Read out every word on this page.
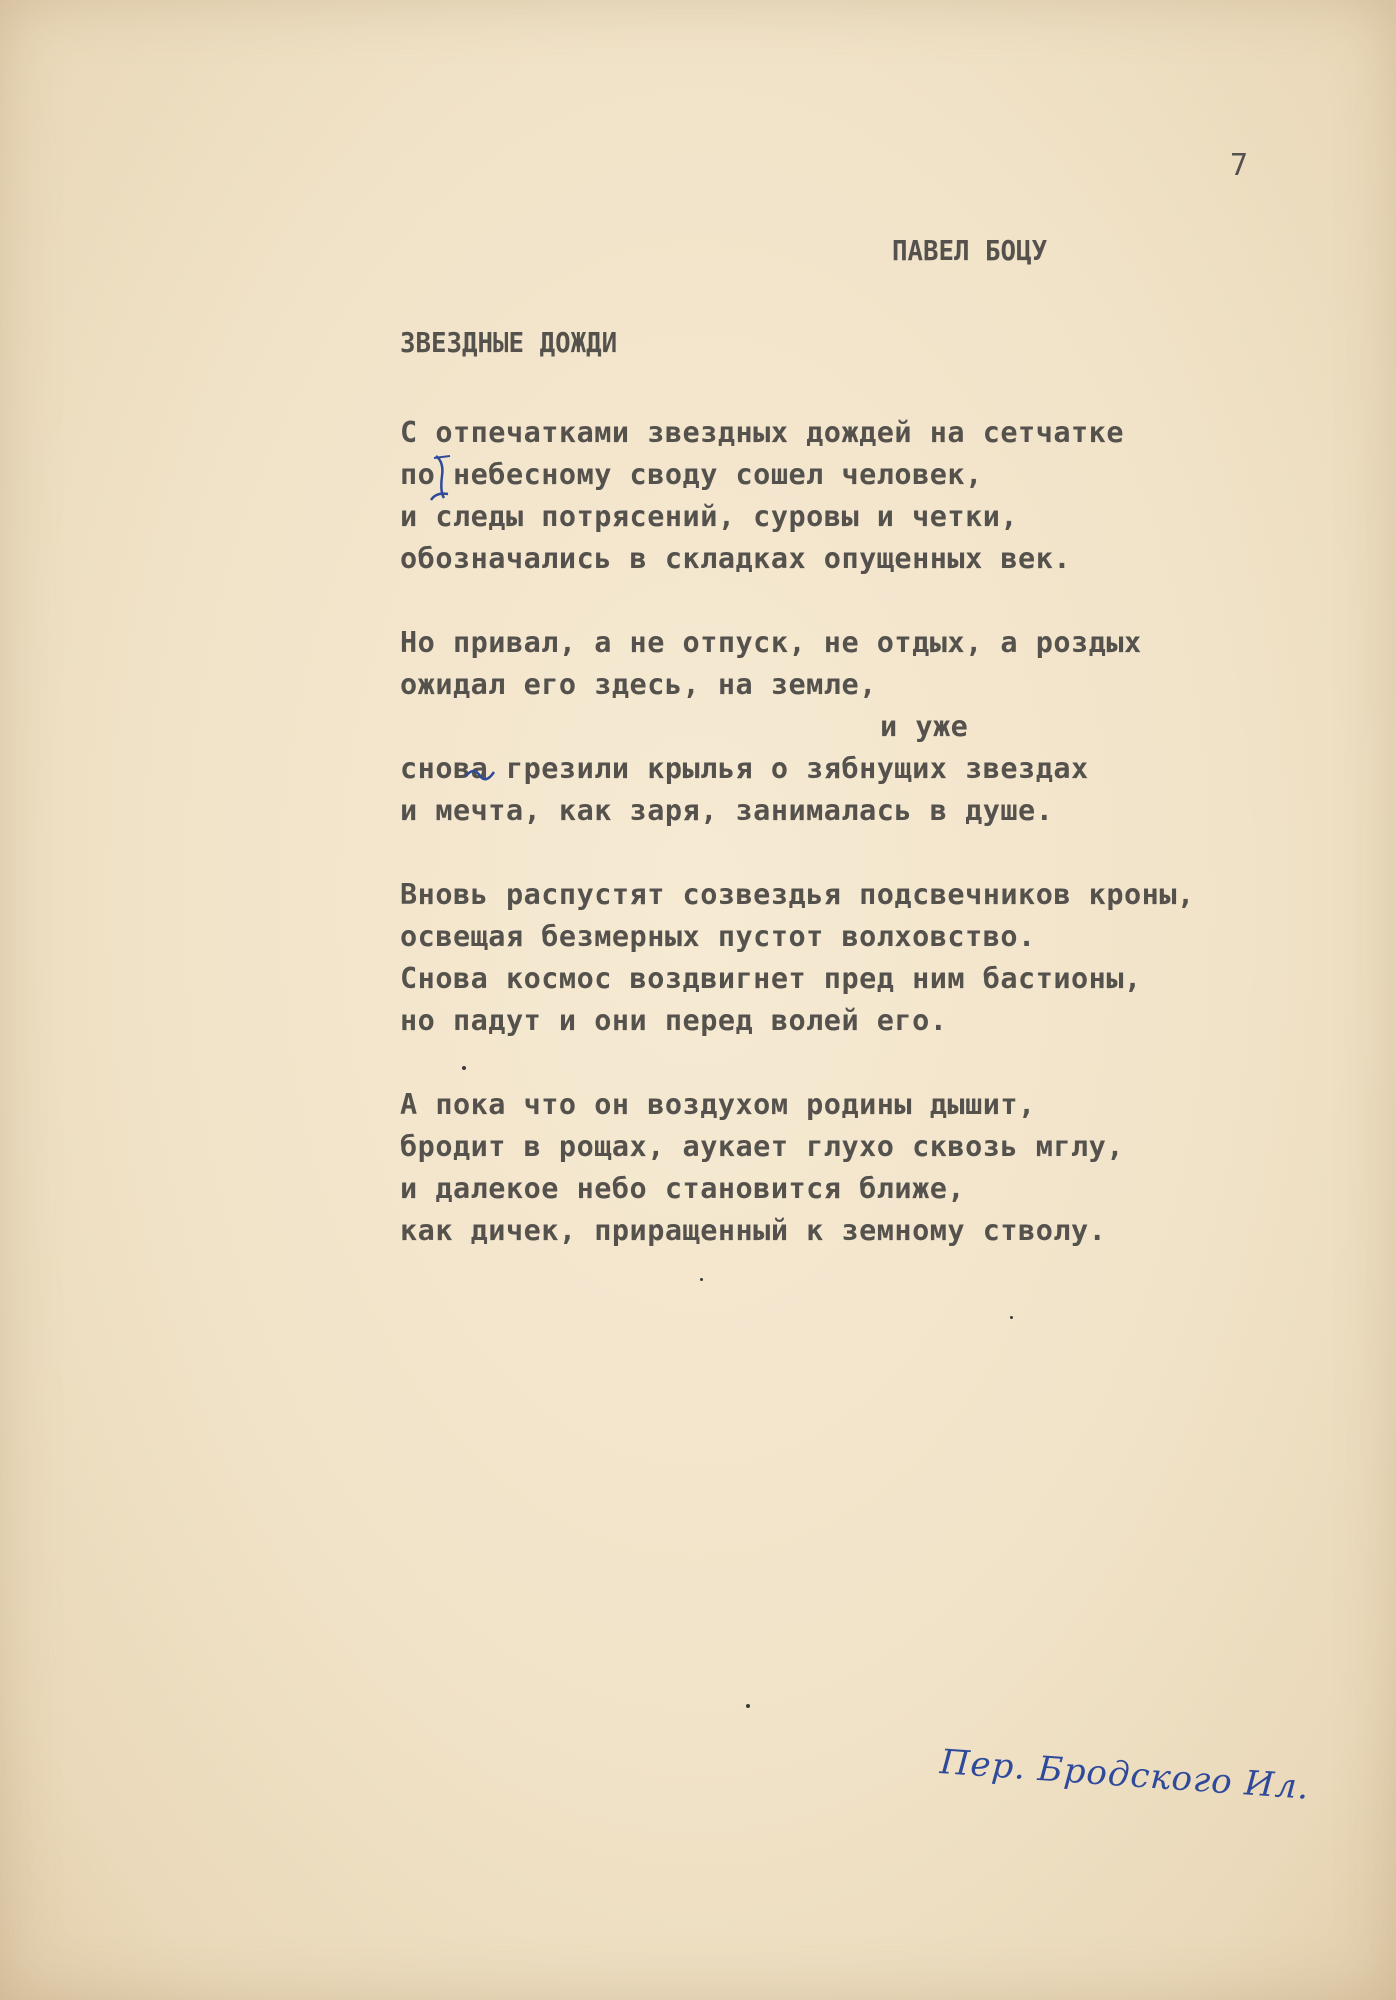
7
ПАВЕЛ БОЦУ
ЗВЕЗДНЫЕ ДОЖДИ
С отпечатками звездных дождей на сетчатке
по небесному своду сошел человек,
и следы потрясений, суровы и четки,
обозначались в складках опущенных век.
Но привал, а не отпуск, не отдых, а роздых
ожидал его здесь, на земле,
и уже
снова грезили крылья о зябнущих звездах
и мечта, как заря, занималась в душе.
Вновь распустят созвездья подсвечников кроны,
освещая безмерных пустот волховство.
Снова космос воздвигнет пред ним бастионы,
но падут и они перед волей его.
А пока что он воздухом родины дышит,
бродит в рощах, аукает глухо сквозь мглу,
и далекое небо становится ближе,
как дичек, приращенный к земному стволу.
Пер. Бродского Ил.
